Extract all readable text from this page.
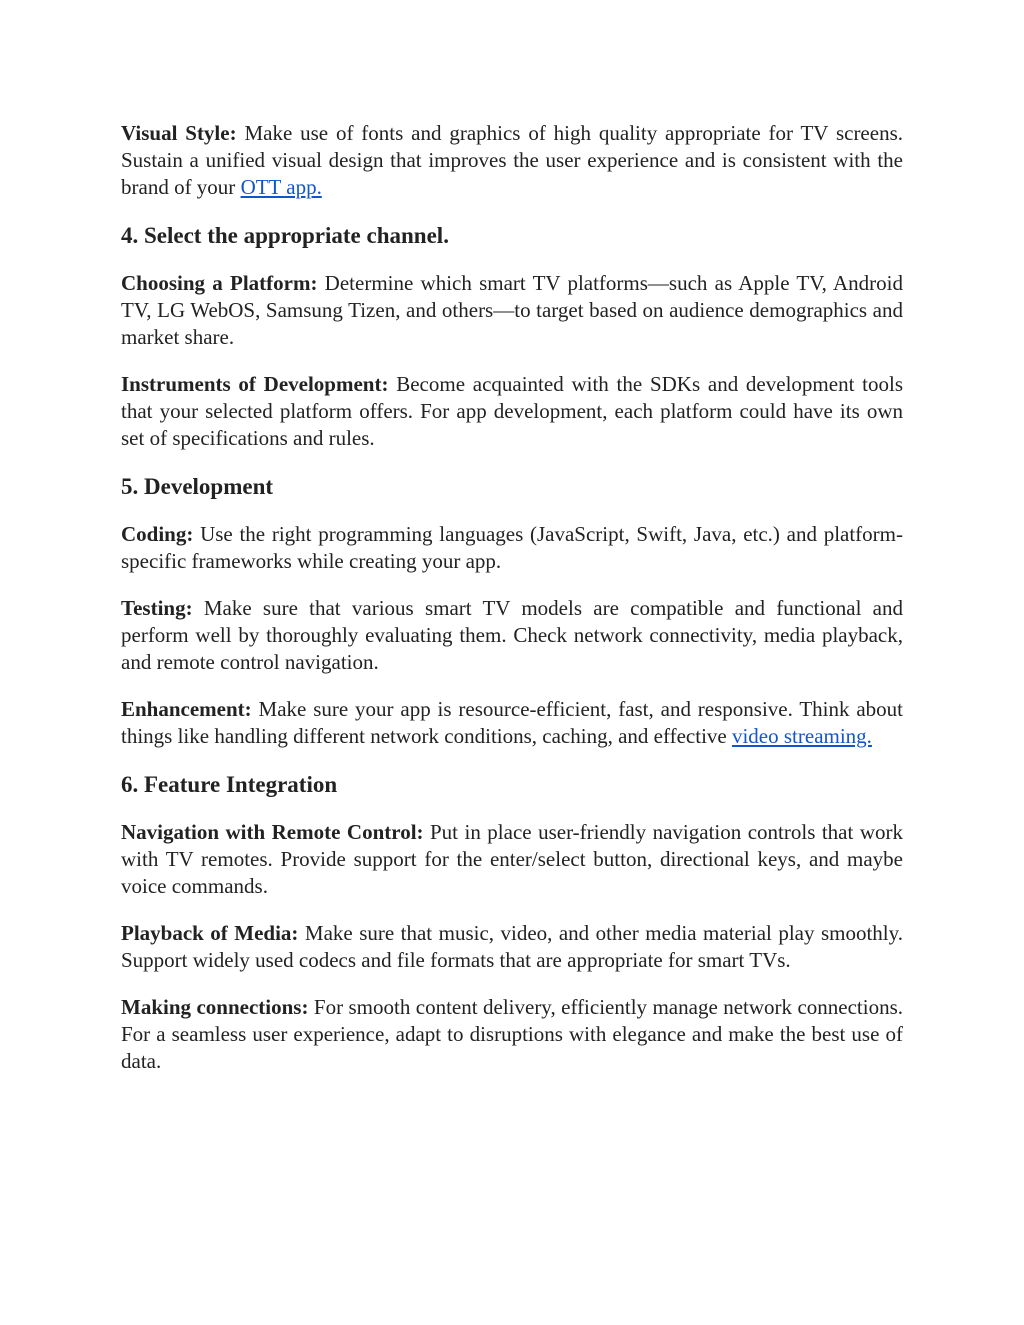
Visual Style: Make use of fonts and graphics of high quality appropriate for TV screens. Sustain a unified visual design that improves the user experience and is consistent with the brand of your OTT app.

4. Select the appropriate channel.

Choosing a Platform: Determine which smart TV platforms—such as Apple TV, Android TV, LG WebOS, Samsung Tizen, and others—to target based on audience demographics and market share.

Instruments of Development: Become acquainted with the SDKs and development tools that your selected platform offers. For app development, each platform could have its own set of specifications and rules.

5. Development

Coding: Use the right programming languages (JavaScript, Swift, Java, etc.) and platform-specific frameworks while creating your app.

Testing: Make sure that various smart TV models are compatible and functional and perform well by thoroughly evaluating them. Check network connectivity, media playback, and remote control navigation.

Enhancement: Make sure your app is resource-efficient, fast, and responsive. Think about things like handling different network conditions, caching, and effective video streaming.

6. Feature Integration

Navigation with Remote Control: Put in place user-friendly navigation controls that work with TV remotes. Provide support for the enter/select button, directional keys, and maybe voice commands.

Playback of Media: Make sure that music, video, and other media material play smoothly. Support widely used codecs and file formats that are appropriate for smart TVs.

Making connections: For smooth content delivery, efficiently manage network connections. For a seamless user experience, adapt to disruptions with elegance and make the best use of data.
